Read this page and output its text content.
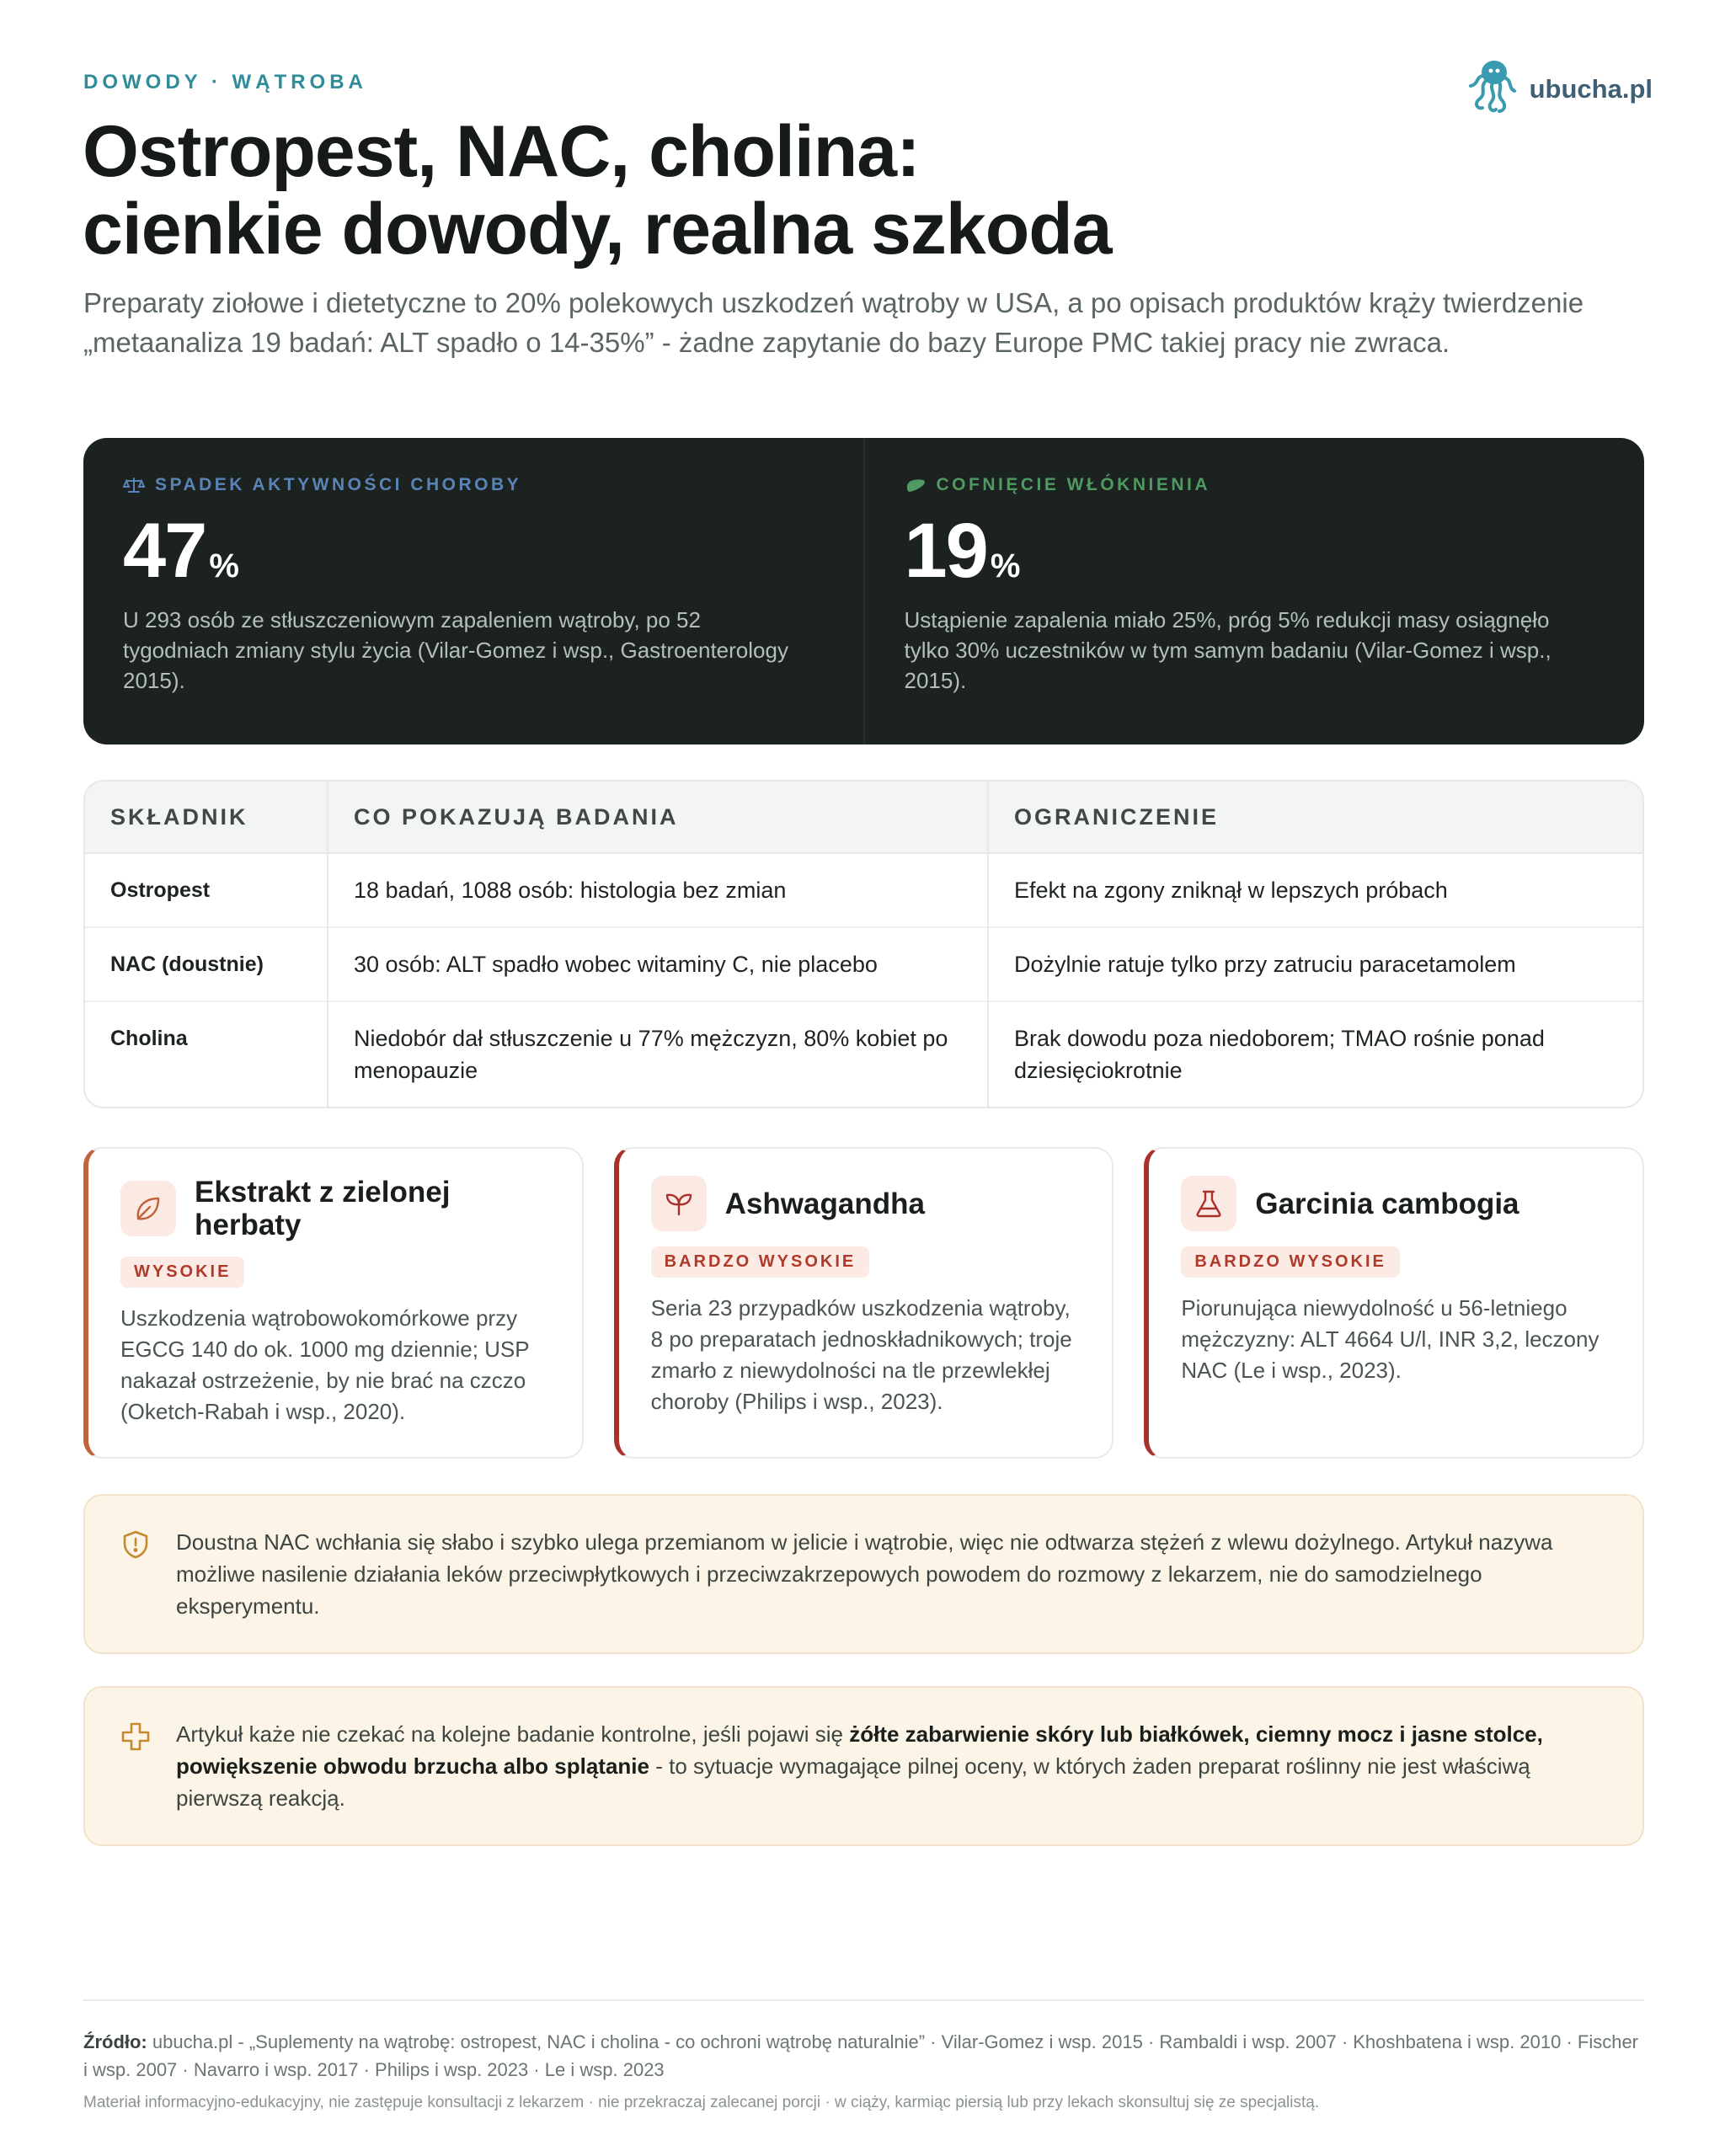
DOWODY · WĄTROBA	ubucha.pl
Ostropest, NAC, cholina:
cienkie dowody, realna szkoda

Preparaty ziołowe i dietetyczne to 20% polekowych uszkodzeń wątroby w USA, a po opisach produktów krąży twierdzenie „metaanaliza 19 badań: ALT spadło o 14-35%” - żadne zapytanie do bazy Europe PMC takiej pracy nie zwraca.

SPADEK AKTYWNOŚCI CHOROBY
47 %

U 293 osób ze stłuszczeniowym zapaleniem wątroby, po 52 tygodniach zmiany stylu życia (Vilar-Gomez i wsp., Gastroenterology 2015).

COFNIĘCIE WŁÓKNIENIA
19 %

Ustąpienie zapalenia miało 25%, próg 5% redukcji masy osiągnęło tylko 30% uczestników w tym samym badaniu (Vilar-Gomez i wsp., 2015).

SKŁADNIK	CO POKAZUJĄ BADANIA	OGRANICZENIE
Ostropest	18 badań, 1088 osób: histologia bez zmian	Efekt na zgony zniknął w lepszych próbach
NAC (doustnie)	30 osób: ALT spadło wobec witaminy C, nie placebo	Dożylnie ratuje tylko przy zatruciu paracetamolem
Cholina	Niedobór dał stłuszczenie u 77% mężczyzn, 80% kobiet po menopauzie	Brak dowodu poza niedoborem; TMAO rośnie ponad dziesięciokrotnie
Ekstrakt z zielonej herbaty
WYSOKIE

Uszkodzenia wątrobowokomórkowe przy EGCG 140 do ok. 1000 mg dziennie; USP nakazał ostrzeżenie, by nie brać na czczo (Oketch-Rabah i wsp., 2020).

Ashwagandha
BARDZO WYSOKIE

Seria 23 przypadków uszkodzenia wątroby, 8 po preparatach jednoskładnikowych; troje zmarło z niewydolności na tle przewlekłej choroby (Philips i wsp., 2023).

Garcinia cambogia
BARDZO WYSOKIE

Piorunująca niewydolność u 56-letniego mężczyzny: ALT 4664 U/l, INR 3,2, leczony NAC (Le i wsp., 2023).

Doustna NAC wchłania się słabo i szybko ulega przemianom w jelicie i wątrobie, więc nie odtwarza stężeń z wlewu dożylnego. Artykuł nazywa możliwe nasilenie działania leków przeciwpłytkowych i przeciwzakrzepowych powodem do rozmowy z lekarzem, nie do samodzielnego eksperymentu.
Artykuł każe nie czekać na kolejne badanie kontrolne, jeśli pojawi się żółte zabarwienie skóry lub białkówek, ciemny mocz i jasne stolce, powiększenie obwodu brzucha albo splątanie - to sytuacje wymagające pilnej oceny, w których żaden preparat roślinny nie jest właściwą pierwszą reakcją.

Źródło: ubucha.pl - „Suplementy na wątrobę: ostropest, NAC i cholina - co ochroni wątrobę naturalnie” · Vilar-Gomez i wsp. 2015 · Rambaldi i wsp. 2007 · Khoshbatena i wsp. 2010 · Fischer i wsp. 2007 · Navarro i wsp. 2017 · Philips i wsp. 2023 · Le i wsp. 2023

Materiał informacyjno-edukacyjny, nie zastępuje konsultacji z lekarzem · nie przekraczaj zalecanej porcji · w ciąży, karmiąc piersią lub przy lekach skonsultuj się ze specjalistą.
